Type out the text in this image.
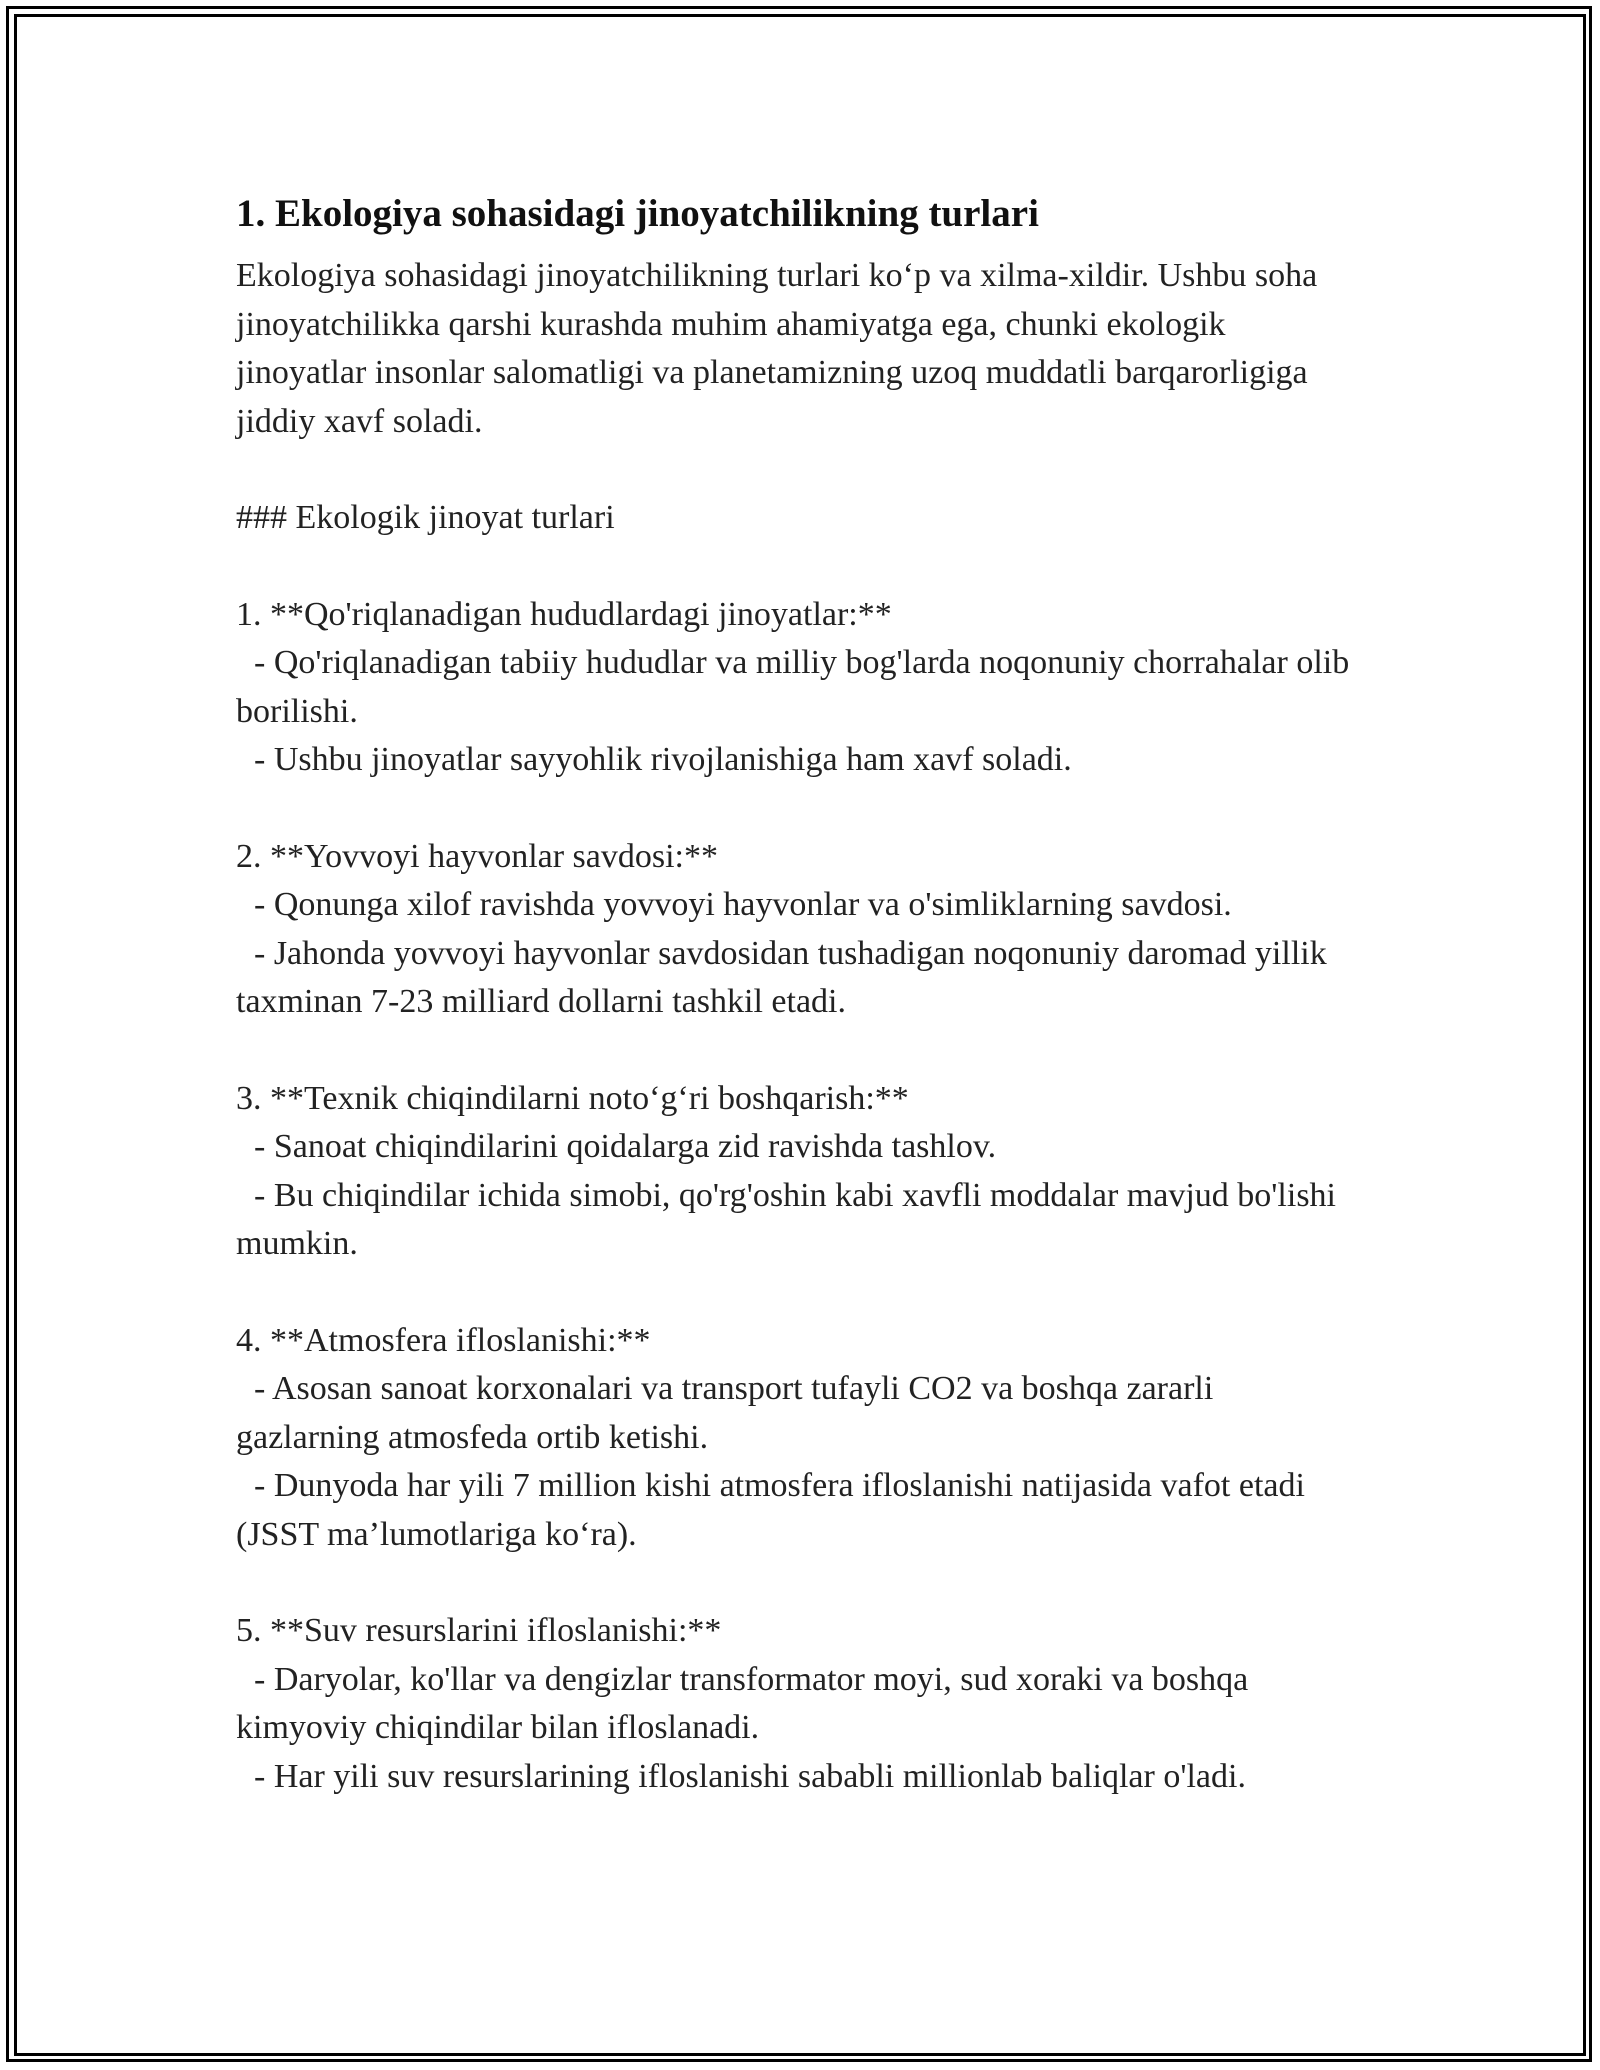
1. Ekologiya sohasidagi jinoyatchilikning turlari

Ekologiya sohasidagi jinoyatchilikning turlari ko‘p va xilma-xildir. Ushbu soha jinoyatchilikka qarshi kurashda muhim ahamiyatga ega, chunki ekologik jinoyatlar insonlar salomatligi va planetamizning uzoq muddatli barqarorligiga jiddiy xavf soladi.

### Ekologik jinoyat turlari
1. **Qo'riqlanadigan hududlardagi jinoyatlar:**
- Qo'riqlanadigan tabiiy hududlar va milliy bog'larda noqonuniy chorrahalar olib borilishi.
- Ushbu jinoyatlar sayyohlik rivojlanishiga ham xavf soladi.
2. **Yovvoyi hayvonlar savdosi:**
- Qonunga xilof ravishda yovvoyi hayvonlar va o'simliklarning savdosi.
- Jahonda yovvoyi hayvonlar savdosidan tushadigan noqonuniy daromad yillik taxminan 7-23 milliard dollarni tashkil etadi.
3. **Texnik chiqindilarni noto‘g‘ri boshqarish:**
- Sanoat chiqindilarini qoidalarga zid ravishda tashlov.
- Bu chiqindilar ichida simobi, qo'rg'oshin kabi xavfli moddalar mavjud bo'lishi mumkin.
4. **Atmosfera ifloslanishi:**
- Asosan sanoat korxonalari va transport tufayli CO2 va boshqa zararli gazlarning atmosfeda ortib ketishi.
- Dunyoda har yili 7 million kishi atmosfera ifloslanishi natijasida vafot etadi (JSST ma’lumotlariga ko‘ra).
5. **Suv resurslarini ifloslanishi:**
- Daryolar, ko'llar va dengizlar transformator moyi, sud xoraki va boshqa kimyoviy chiqindilar bilan ifloslanadi.
- Har yili suv resurslarining ifloslanishi sababli millionlab baliqlar o'ladi.
